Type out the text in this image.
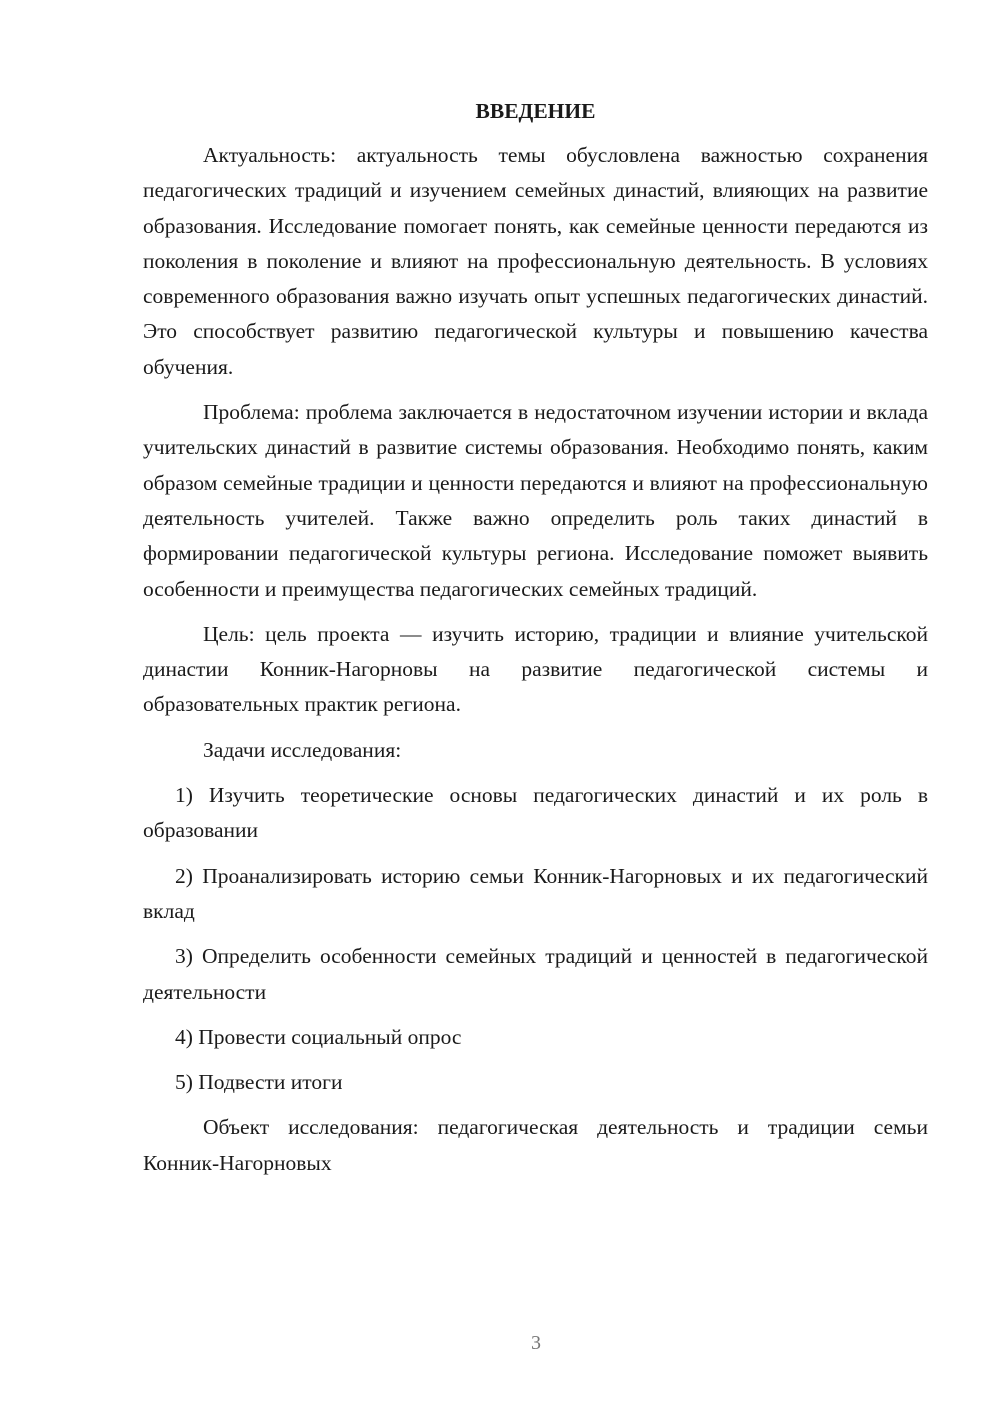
ВВЕДЕНИЕ

Актуальность: актуальность темы обусловлена важностью сохранения педагогических традиций и изучением семейных династий, влияющих на развитие образования. Исследование помогает понять, как семейные ценности передаются из поколения в поколение и влияют на профессиональную деятельность. В условиях современного образования важно изучать опыт успешных педагогических династий. Это способствует развитию педагогической культуры и повышению качества обучения.

Проблема: проблема заключается в недостаточном изучении истории и вклада учительских династий в развитие системы образования. Необходимо понять, каким образом семейные традиции и ценности передаются и влияют на профессиональную деятельность учителей. Также важно определить роль таких династий в формировании педагогической культуры региона. Исследование поможет выявить особенности и преимущества педагогических семейных традиций.

Цель: цель проекта — изучить историю, традиции и влияние учительской династии Конник-Нагорновы на развитие педагогической системы и образовательных практик региона.

Задачи исследования:

1) Изучить теоретические основы педагогических династий и их роль в образовании

2) Проанализировать историю семьи Конник-Нагорновых и их педагогический вклад

3) Определить особенности семейных традиций и ценностей в педагогической деятельности

4) Провести социальный опрос

5) Подвести итоги

Объект исследования: педагогическая деятельность и традиции семьи Конник-Нагорновых

3
